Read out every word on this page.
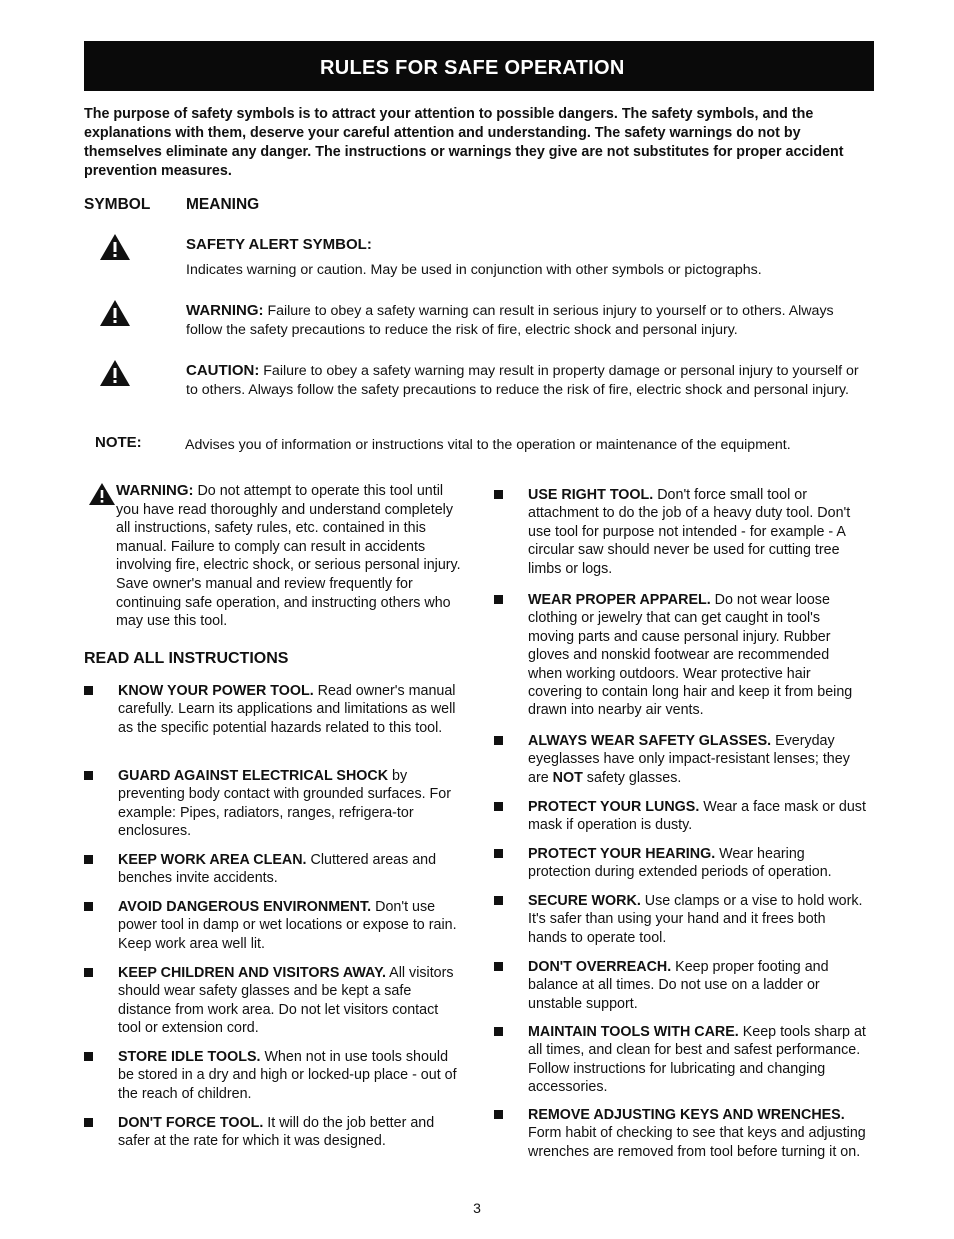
RULES FOR SAFE OPERATION
The purpose of safety symbols is to attract your attention to possible dangers. The safety symbols, and the explanations with them, deserve your careful attention and understanding. The safety warnings do not by themselves eliminate any danger. The instructions or warnings they give are not substitutes for proper accident prevention measures.
SYMBOL MEANING
SAFETY ALERT SYMBOL:
Indicates warning or caution. May be used in conjunction with other symbols or pictographs.
WARNING: Failure to obey a safety warning can result in serious injury to yourself or to others. Always follow the safety precautions to reduce the risk of fire, electric shock and personal injury.
CAUTION: Failure to obey a safety warning may result in property damage or personal injury to yourself or to others. Always follow the safety precautions to reduce the risk of fire, electric shock and personal injury.
NOTE:	Advises you of information or instructions vital to the operation or maintenance of the equipment.
WARNING: Do not attempt to operate this tool until you have read thoroughly and understand completely all instructions, safety rules, etc. contained in this manual. Failure to comply can result in accidents involving fire, electric shock, or serious personal injury. Save owner's manual and review frequently for continuing safe operation, and instructing others who may use this tool.
READ ALL INSTRUCTIONS
KNOW YOUR POWER TOOL. Read owner's manual carefully. Learn its applications and limitations as well as the specific potential hazards related to this tool.
GUARD AGAINST ELECTRICAL SHOCK by preventing body contact with grounded surfaces. For example: Pipes, radiators, ranges, refrigera-tor enclosures.
KEEP WORK AREA CLEAN. Cluttered areas and benches invite accidents.
AVOID DANGEROUS ENVIRONMENT. Don't use power tool in damp or wet locations or expose to rain. Keep work area well lit.
KEEP CHILDREN AND VISITORS AWAY. All visitors should wear safety glasses and be kept a safe distance from work area. Do not let visitors contact tool or extension cord.
STORE IDLE TOOLS. When not in use tools should be stored in a dry and high or locked-up place - out of the reach of children.
DON'T FORCE TOOL. It will do the job better and safer at the rate for which it was designed.
USE RIGHT TOOL. Don't force small tool or attachment to do the job of a heavy duty tool. Don't use tool for purpose not intended - for example - A circular saw should never be used for cutting tree limbs or logs.
WEAR PROPER APPAREL. Do not wear loose clothing or jewelry that can get caught in tool's moving parts and cause personal injury. Rubber gloves and nonskid footwear are recommended when working outdoors. Wear protective hair covering to contain long hair and keep it from being drawn into nearby air vents.
ALWAYS WEAR SAFETY GLASSES. Everyday eyeglasses have only impact-resistant lenses; they are NOT safety glasses.
PROTECT YOUR LUNGS. Wear a face mask or dust mask if operation is dusty.
PROTECT YOUR HEARING. Wear hearing protection during extended periods of operation.
SECURE WORK. Use clamps or a vise to hold work. It's safer than using your hand and it frees both hands to operate tool.
DON'T OVERREACH. Keep proper footing and balance at all times. Do not use on a ladder or unstable support.
MAINTAIN TOOLS WITH CARE. Keep tools sharp at all times, and clean for best and safest performance. Follow instructions for lubricating and changing accessories.
REMOVE ADJUSTING KEYS AND WRENCHES. Form habit of checking to see that keys and adjusting wrenches are removed from tool before turning it on.
3
